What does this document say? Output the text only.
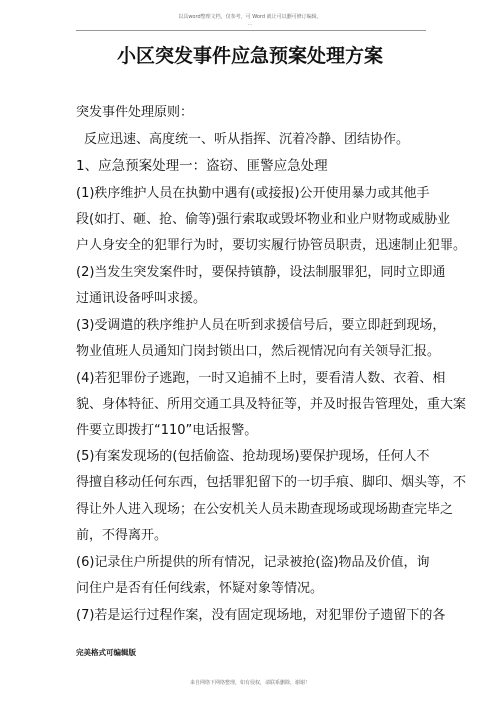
以具word整理文档，仅参考，可 Word 就让可以删可修订编辑。
...
小区突发事件应急预案处理方案

突发事件处理原则：

反应迅速、高度统一、听从指挥、沉着冷静、团结协作。

1、应急预案处理一：盗窃、匪警应急处理

(1)秩序维护人员在执勤中遇有(或接报)公开使用暴力或其他手

段(如打、砸、抢、偷等)强行索取或毁坏物业和业户财物或威胁业

户人身安全的犯罪行为时，要切实履行协管员职责，迅速制止犯罪。

(2)当发生突发案件时，要保持镇静，设法制服罪犯，同时立即通

过通讯设备呼叫求援。

(3)受调遣的秩序维护人员在听到求援信号后，要立即赶到现场，

物业值班人员通知门岗封锁出口，然后视情况向有关领导汇报。

(4)若犯罪份子逃跑，一时又追捕不上时，要看清人数、衣着、相

貌、身体特征、所用交通工具及特征等，并及时报告管理处，重大案

件要立即拨打“110”电话报警。

(5)有案发现场的(包括偷盗、抢劫现场)要保护现场，任何人不

得擅自移动任何东西，包括罪犯留下的一切手痕、脚印、烟头等，不

得让外人进入现场；在公安机关人员未勘查现场或现场勘查完毕之

前，不得离开。

(6)记录住户所提供的所有情况，记录被抢(盗)物品及价值，询

问住户是否有任何线索，怀疑对象等情况。

(7)若是运行过程作案，没有固定现场地，对犯罪份子遗留下的各

完美格式可编辑版
来自网络下网络整理，如有侵权，请联系删除，谢谢！
